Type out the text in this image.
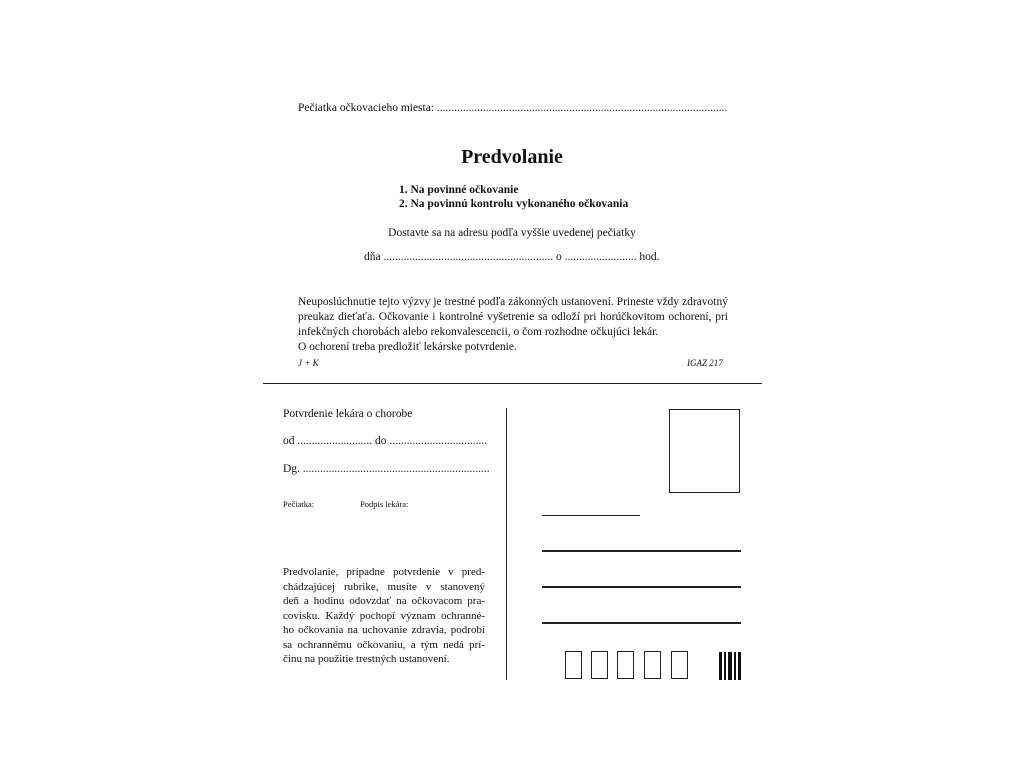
Pečiatka očkovacieho miesta: .....................................................................................................
Predvolanie
1. Na povinné očkovanie
2. Na povinnú kontrolu vykonaného očkovania
Dostavte sa na adresu podľa vyššie uvedenej pečiatky
dňa ........................................................... o ......................... hod.
Neuposlúchnutie tejto výzvy je trestné podľa zákonných ustanovení. Prineste vždy zdravotný
preukaz dieťaťa. Očkovanie i kontrolné vyšetrenie sa odloží pri horúčkovitom ochorení, pri
infekčných chorobách alebo rekonvalescencii, o čom rozhodne očkujúci lekár.
O ochorení treba predložiť lekárske potvrdenie.
J + K	IGAZ 217
Potvrdenie lekára o chorobe
od .......................... do ..................................
Dg. .................................................................
Pečiatka:	Podpis lekára:
Predvolanie, prípadne potvrdenie v pred-
chádzajúcej rubrike, musíte v stanovený
deň a hodinu odovzdať na očkovacom pra-
covisku. Každý pochopí význam ochranné-
ho očkovania na uchovanie zdravia, podrobí
sa ochrannému očkovaniu, a tým nedá prí-
činu na použitie trestných ustanovení.
